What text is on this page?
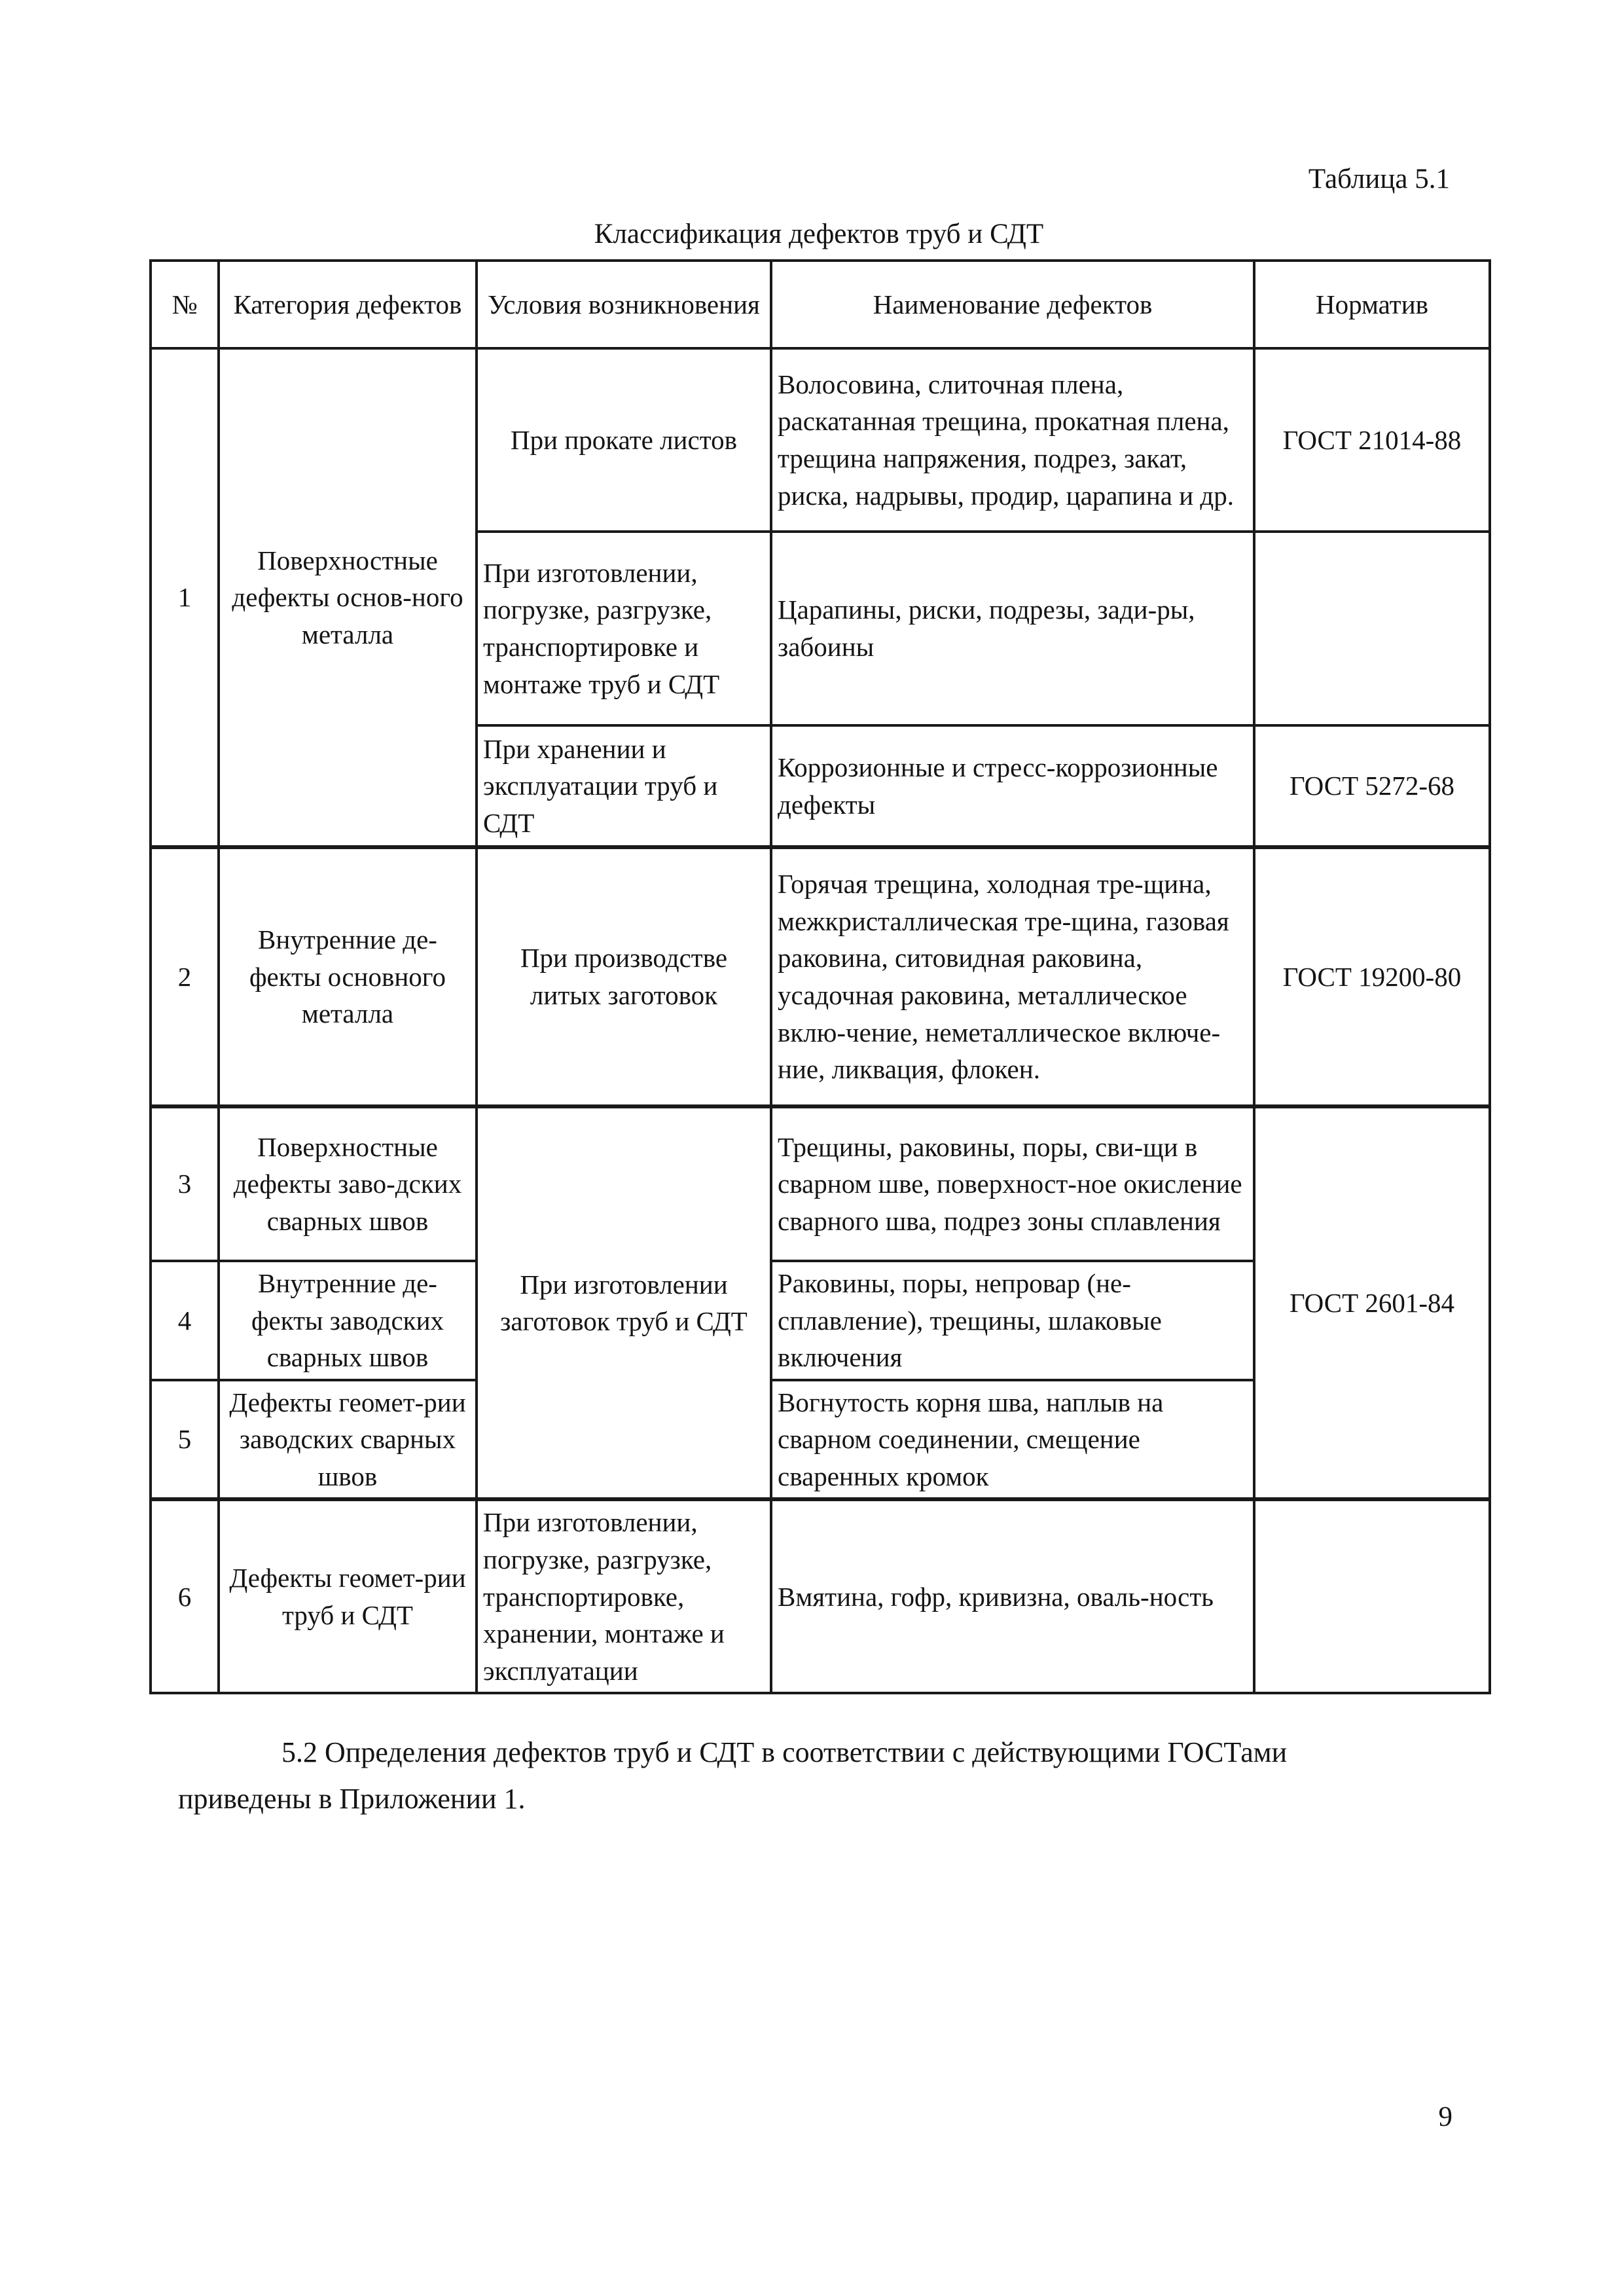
Таблица 5.1
Классификация дефектов труб и СДТ
№	Категория дефектов	Условия возникновения	Наименование дефектов	Норматив
1	Поверхностные дефекты основ-ного металла	При прокате листов	Волосовина, слиточная плена, раскатанная трещина, прокатная плена, трещина напряжения, подрез, закат, риска, надрывы, продир, царапина и др.	ГОСТ 21014-88
		При изготовлении, погрузке, разгрузке, транспортировке и монтаже труб и СДТ	Царапины, риски, подрезы, зади-ры, забоины	
		При хранении и эксплуатации труб и СДТ	Коррозионные и стресс-коррозионные дефекты	ГОСТ 5272-68
2	Внутренние де-фекты основного металла	При производстве литых заготовок	Горячая трещина, холодная тре-щина, межкристаллическая тре-щина, газовая раковина, ситовидная раковина, усадочная раковина, металлическое вклю-чение, неметаллическое включе-ние, ликвация, флокен.	ГОСТ 19200-80
3	Поверхностные дефекты заво-дских сварных швов	При изготовлении заготовок труб и СДТ	Трещины, раковины, поры, сви-щи в сварном шве, поверхност-ное окисление сварного шва, подрез зоны сплавления	ГОСТ 2601-84
4	Внутренние де-фекты заводских сварных швов		Раковины, поры, непровар (не-сплавление), трещины, шлаковые включения	
5	Дефекты геомет-рии заводских сварных швов		Вогнутость корня шва, наплыв на сварном соединении, смещение сваренных кромок	
6	Дефекты геомет-рии труб и СДТ	При изготовлении, погрузке, разгрузке, транспортировке, хранении, монтаже и эксплуатации	Вмятина, гофр, кривизна, оваль-ность	
5.2 Определения дефектов труб и СДТ в соответствии с действующими ГОСТами
приведены в Приложении 1.
9
